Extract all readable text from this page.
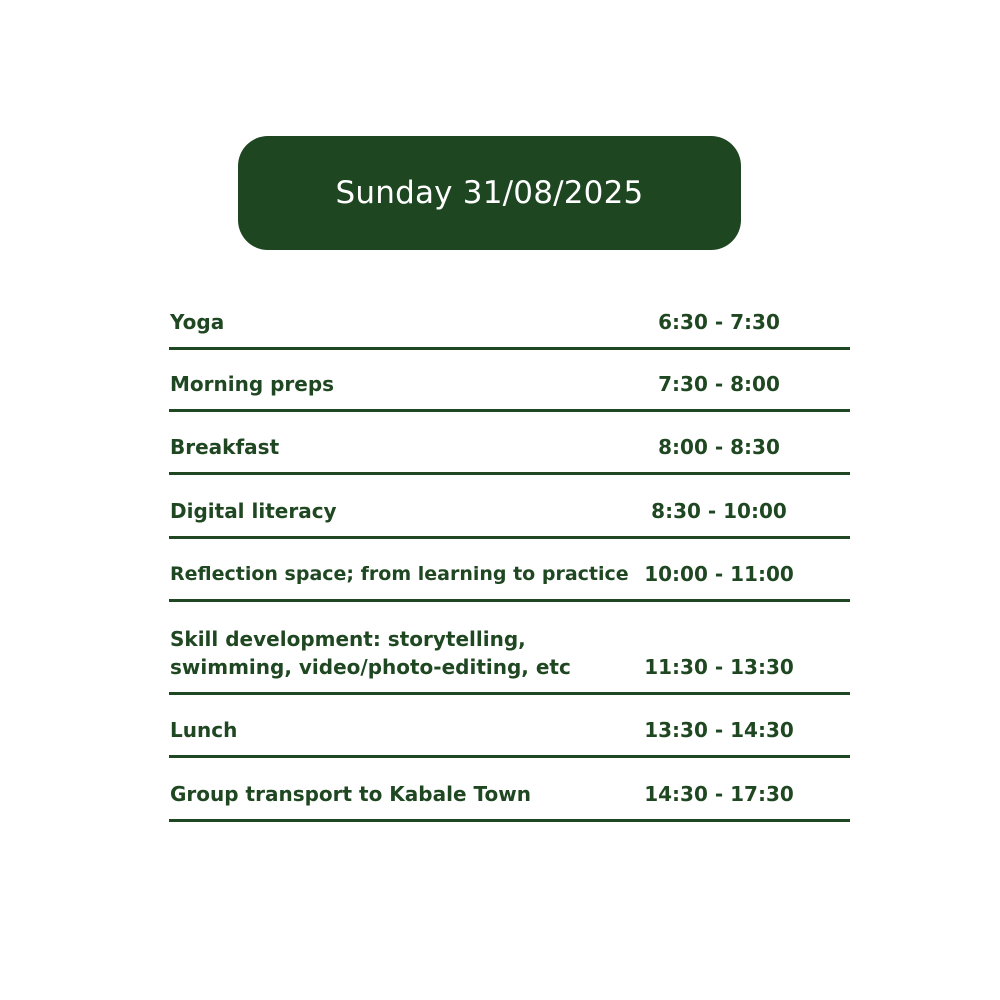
Sunday 31/08/2025
Yoga	6:30 - 7:30
Morning preps	7:30 - 8:00
Breakfast	8:00 - 8:30
Digital literacy	8:30 - 10:00
Reflection space; from learning to practice 10:00 - 11:00
Skill development: storytelling,
swimming, video/photo-editing, etc	11:30 - 13:30
Lunch	13:30 - 14:30
Group transport to Kabale Town	14:30 - 17:30
